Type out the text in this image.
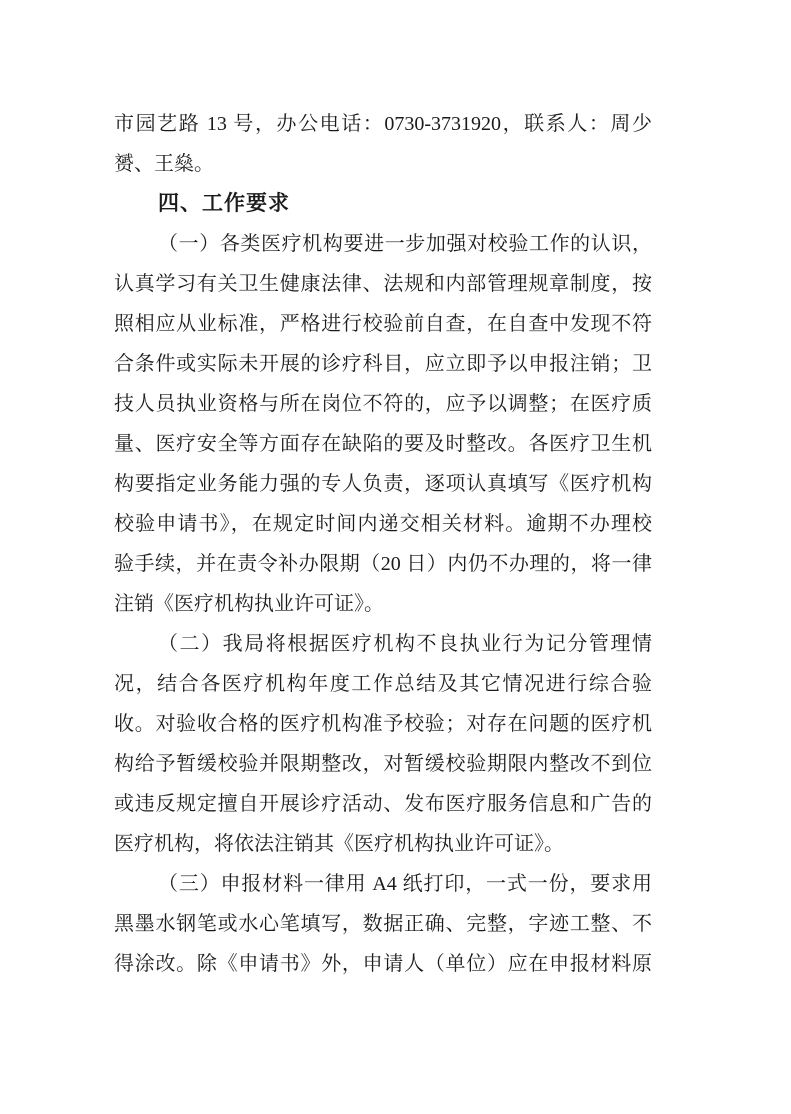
市园艺路 13 号，办公电话：0730-3731920，联系人：周少
赟、王燊。
四、工作要求
（一）各类医疗机构要进一步加强对校验工作的认识，
认真学习有关卫生健康法律、法规和内部管理规章制度，按
照相应从业标准，严格进行校验前自查，在自查中发现不符
合条件或实际未开展的诊疗科目，应立即予以申报注销；卫
技人员执业资格与所在岗位不符的，应予以调整；在医疗质
量、医疗安全等方面存在缺陷的要及时整改。各医疗卫生机
构要指定业务能力强的专人负责，逐项认真填写《医疗机构
校验申请书》，在规定时间内递交相关材料。逾期不办理校
验手续，并在责令补办限期（20 日）内仍不办理的，将一律
注销《医疗机构执业许可证》。
（二）我局将根据医疗机构不良执业行为记分管理情
况，结合各医疗机构年度工作总结及其它情况进行综合验
收。对验收合格的医疗机构准予校验；对存在问题的医疗机
构给予暂缓校验并限期整改，对暂缓校验期限内整改不到位
或违反规定擅自开展诊疗活动、发布医疗服务信息和广告的
医疗机构，将依法注销其《医疗机构执业许可证》。
（三）申报材料一律用 A4 纸打印，一式一份，要求用
黑墨水钢笔或水心笔填写，数据正确、完整，字迹工整、不
得涂改。除《申请书》外，申请人（单位）应在申报材料原
